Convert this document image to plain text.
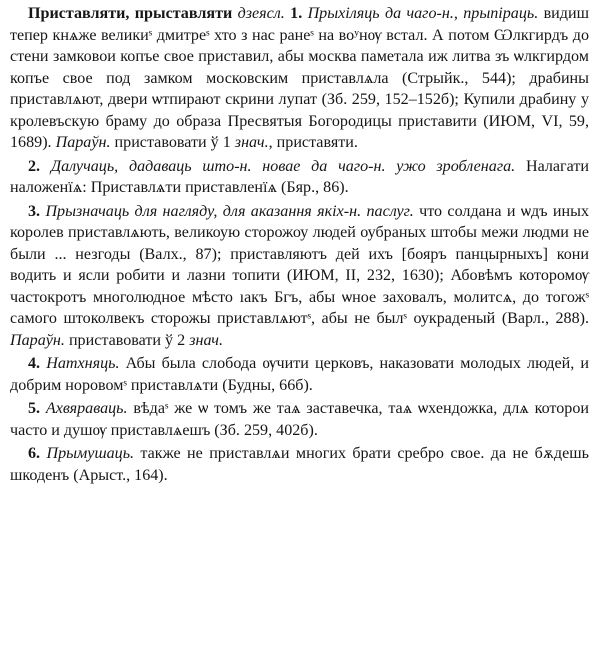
Приставляти, прыставляти дзеясл. 1. Прыхіляць да чаго-н., прыпіраць. видиш тепер кнѧже великиˢ дмитреˢ хто з нас ранеˢ на воʸнѹ встал. А потом Ѡлкгирдъ до стени замковои копъе свое приставил, абы москва паметала иж литва зъ ѡлкгирдом копъе свое под замком московским приставлѧла (Стрыйк., 544); драбины приставлѧют, двери ѡтпирают скрини лупат (Зб. 259, 152–152б); Купили драбину у кролевъскую браму до образа Пресвятыя Богородицы приставити (ИЮМ, VI, 59, 1689). Параўн. приставовати ў 1 знач., приставяти.

2. Далучаць, дадаваць што-н. новае да чаго-н. ужо зробленага. Налагати наложенїѧ: Приставлѧти приставленїѧ (Бяр., 86).

3. Прызначаць для нагляду, для аказання якіх-н. паслуг. что солдана и ѡдъ иных королев приставлѧють, великоую сторожоу людей оубраных штобы межи людми не были ... незгоды (Валх., 87); приставляютъ дей ихъ [бояръ панцырныхъ] кони водить и ясли робити и лазни топити (ИЮМ, II, 232, 1630); Абовѣмъ которомѹ частокротъ многолюдное мѣсто ıакъ Бгъ, абы ѡное заховалъ, молитсѧ, до тогожˢ самого штоколвекъ сторожы приставлѧютˢ, абы не былˢ оукраденый (Варл., 288). Параўн. приставовати ў 2 знач.

4. Натхняць. Абы была слобода ѹчити церковъ, наказовати молодых людей, и добрим норовомˢ приставлѧти (Будны, 66б).

5. Ахвяраваць. вѣдаˢ же ѡ томъ же таѧ заставечка, таѧ ѡхендожка, длѧ которои часто и душѹ приставлѧешъ (Зб. 259, 402б).

6. Прымушаць. также не приставлѧи многих брати сребро свое. да не бѫдешь шкоденъ (Арыст., 164).
